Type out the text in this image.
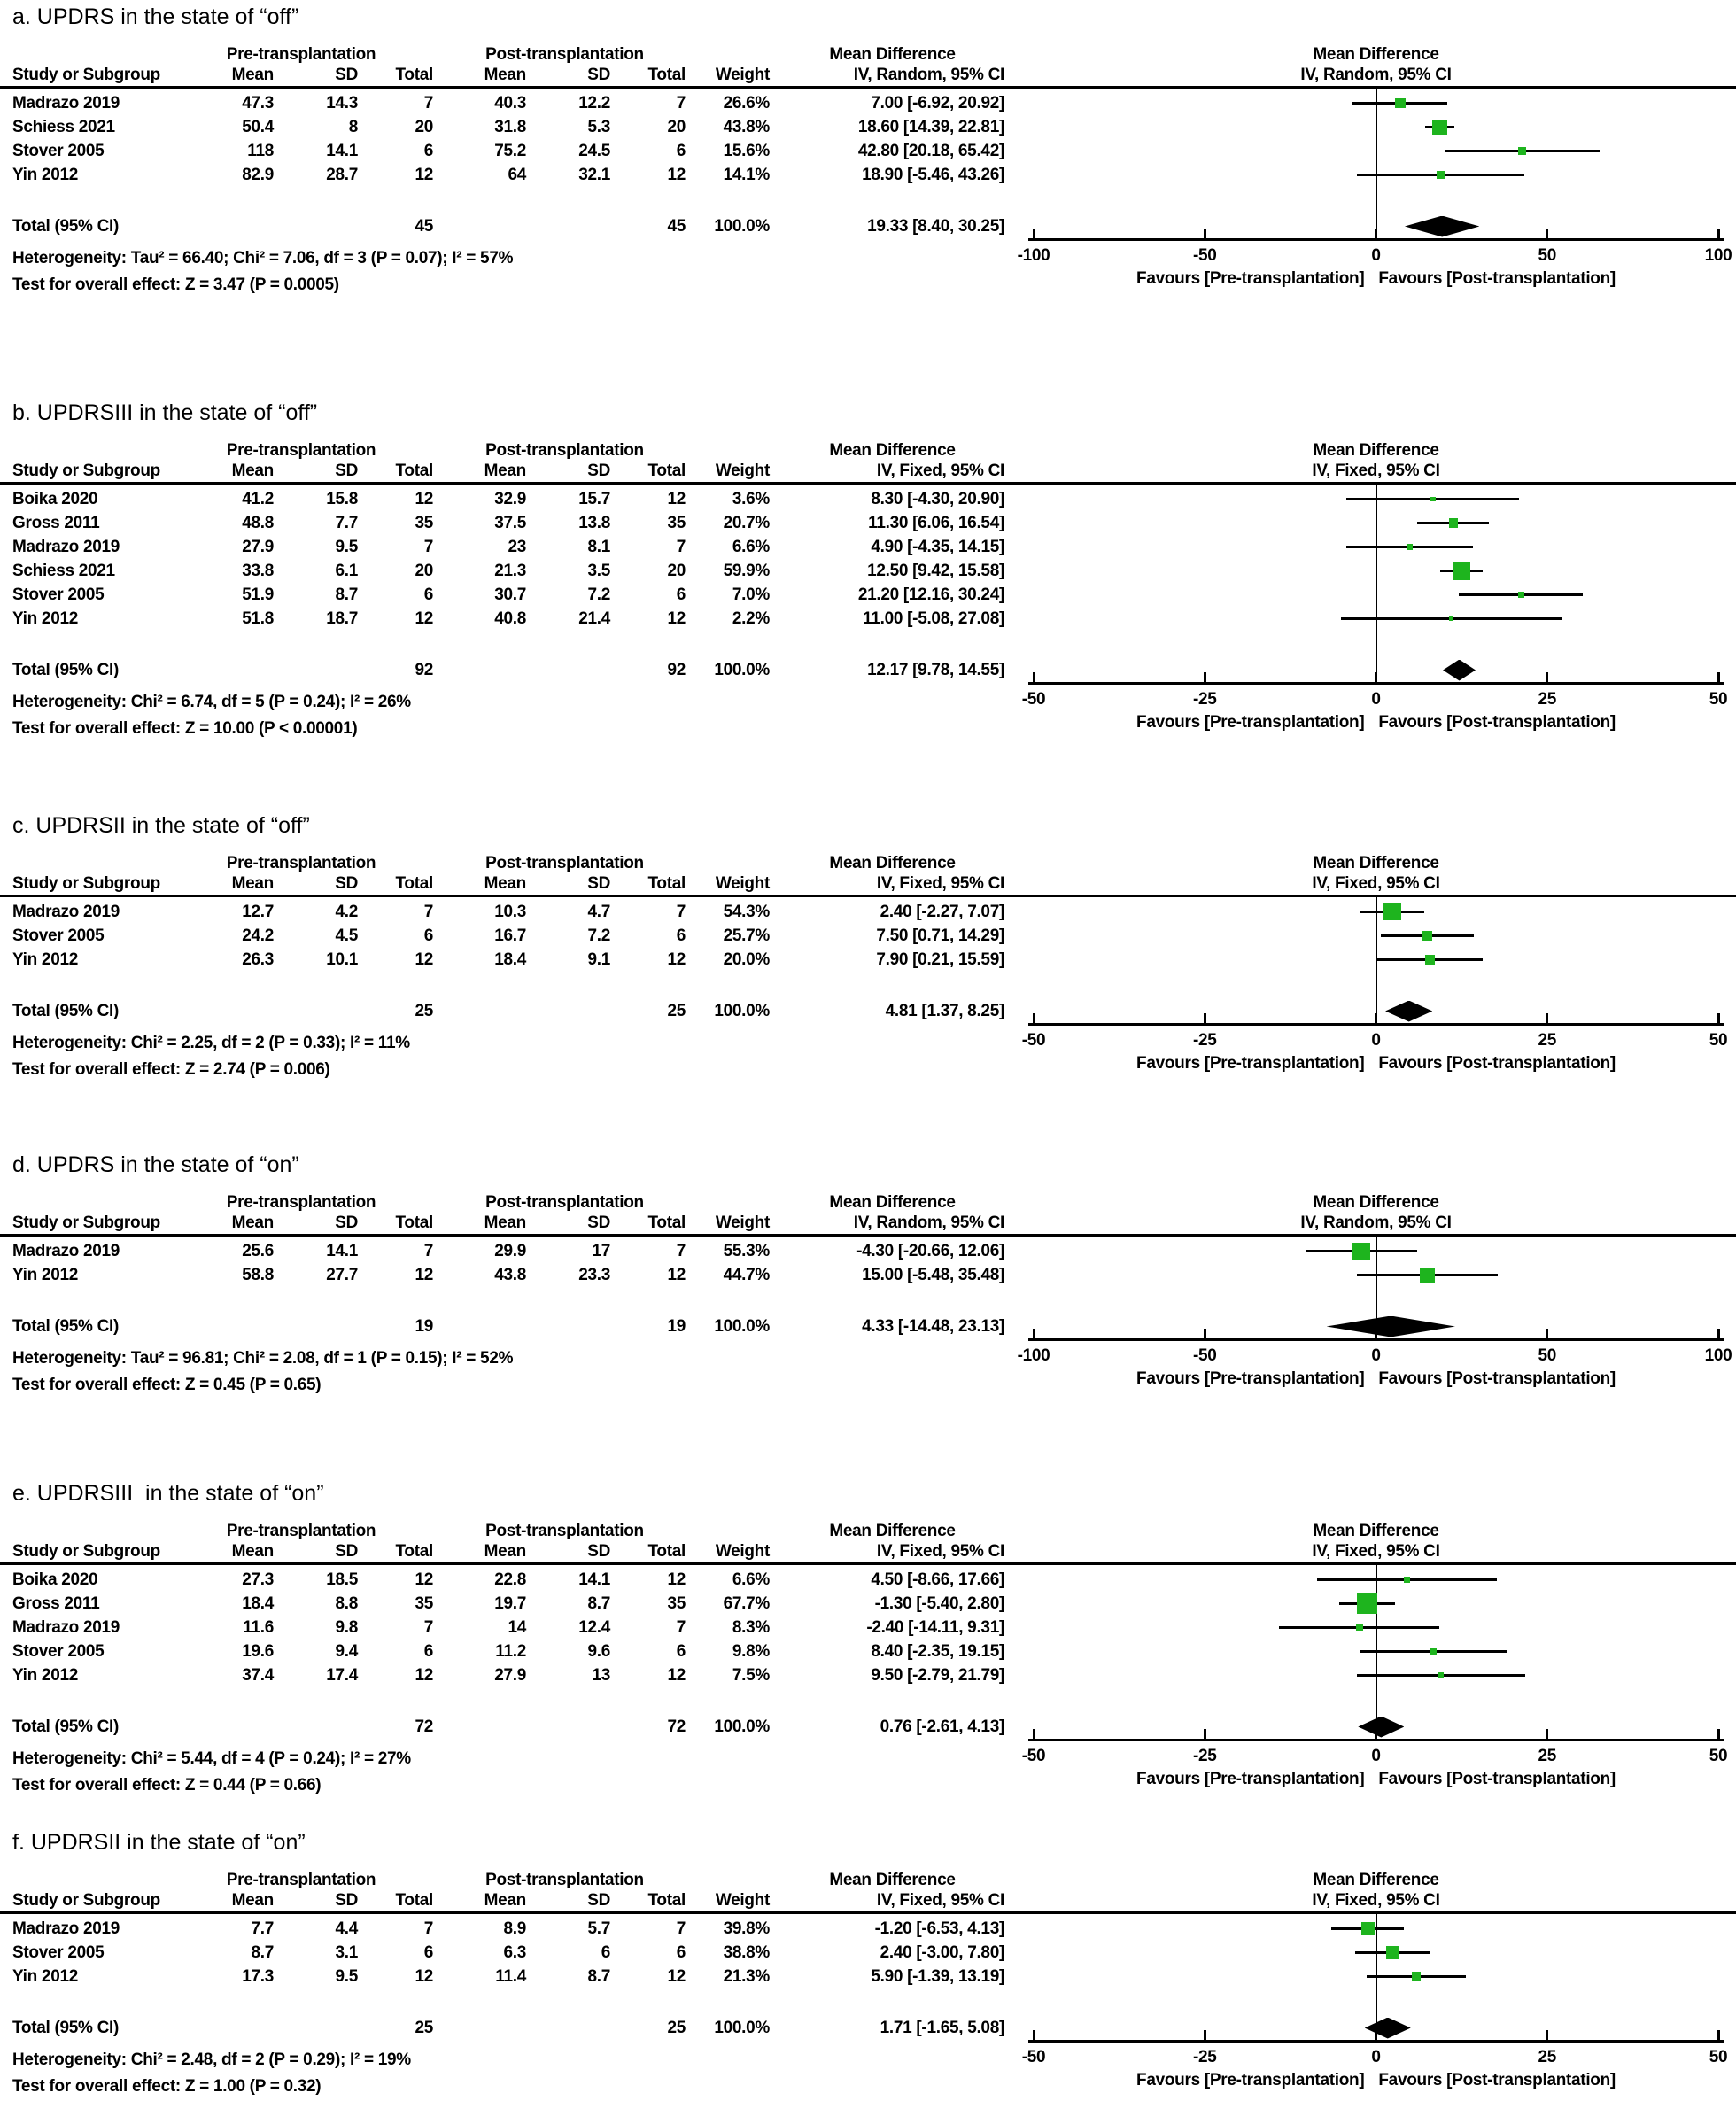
a. UPDRS in the state of “off”
Pre-transplantation	Post-transplantation	Mean Difference	Mean Difference
Study or Subgroup	Mean	SD	Total	Mean	SD	Total	Weight	IV, Random, 95% CI	IV, Random, 95% CI
Madrazo 2019	47.3	14.3	7	40.3	12.2	7	26.6%	7.00 [-6.92, 20.92]
Schiess 2021	50.4	8	20	31.8	5.3	20	43.8%	18.60 [14.39, 22.81]
Stover 2005	118	14.1	6	75.2	24.5	6	15.6%	42.80 [20.18, 65.42]
Yin 2012	82.9	28.7	12	64	32.1	12	14.1%	18.90 [-5.46, 43.26]
Total (95% CI)	45	45	100.0%	19.33 [8.40, 30.25]
Heterogeneity: Tau² = 66.40; Chi² = 7.06, df = 3 (P = 0.07); I² = 57%
Test for overall effect: Z = 3.47 (P = 0.0005)
-100	-50	0	50	100
Favours [Pre-transplantation] Favours [Post-transplantation]
b. UPDRSIII in the state of “off”
Pre-transplantation	Post-transplantation	Mean Difference	Mean Difference
Study or Subgroup	Mean	SD	Total	Mean	SD	Total	Weight	IV, Fixed, 95% CI	IV, Fixed, 95% CI
Boika 2020	41.2	15.8	12	32.9	15.7	12	3.6%	8.30 [-4.30, 20.90]
Gross 2011	48.8	7.7	35	37.5	13.8	35	20.7%	11.30 [6.06, 16.54]
Madrazo 2019	27.9	9.5	7	23	8.1	7	6.6%	4.90 [-4.35, 14.15]
Schiess 2021	33.8	6.1	20	21.3	3.5	20	59.9%	12.50 [9.42, 15.58]
Stover 2005	51.9	8.7	6	30.7	7.2	6	7.0%	21.20 [12.16, 30.24]
Yin 2012	51.8	18.7	12	40.8	21.4	12	2.2%	11.00 [-5.08, 27.08]
Total (95% CI)	92	92	100.0%	12.17 [9.78, 14.55]
Heterogeneity: Chi² = 6.74, df = 5 (P = 0.24); I² = 26%
Test for overall effect: Z = 10.00 (P < 0.00001)
-50	-25	0	25	50
Favours [Pre-transplantation] Favours [Post-transplantation]
c. UPDRSII in the state of “off”
Pre-transplantation	Post-transplantation	Mean Difference	Mean Difference
Study or Subgroup	Mean	SD	Total	Mean	SD	Total	Weight	IV, Fixed, 95% CI	IV, Fixed, 95% CI
Madrazo 2019	12.7	4.2	7	10.3	4.7	7	54.3%	2.40 [-2.27, 7.07]
Stover 2005	24.2	4.5	6	16.7	7.2	6	25.7%	7.50 [0.71, 14.29]
Yin 2012	26.3	10.1	12	18.4	9.1	12	20.0%	7.90 [0.21, 15.59]
Total (95% CI)	25	25	100.0%	4.81 [1.37, 8.25]
Heterogeneity: Chi² = 2.25, df = 2 (P = 0.33); I² = 11%
Test for overall effect: Z = 2.74 (P = 0.006)
-50	-25	0	25	50
Favours [Pre-transplantation] Favours [Post-transplantation]
d. UPDRS in the state of “on”
Pre-transplantation	Post-transplantation	Mean Difference	Mean Difference
Study or Subgroup	Mean	SD	Total	Mean	SD	Total	Weight	IV, Random, 95% CI	IV, Random, 95% CI
Madrazo 2019	25.6	14.1	7	29.9	17	7	55.3%	-4.30 [-20.66, 12.06]
Yin 2012	58.8	27.7	12	43.8	23.3	12	44.7%	15.00 [-5.48, 35.48]
Total (95% CI)	19	19	100.0%	4.33 [-14.48, 23.13]
Heterogeneity: Tau² = 96.81; Chi² = 2.08, df = 1 (P = 0.15); I² = 52%
Test for overall effect: Z = 0.45 (P = 0.65)
-100	-50	0	50	100
Favours [Pre-transplantation] Favours [Post-transplantation]
e. UPDRSIII  in the state of “on”
Pre-transplantation	Post-transplantation	Mean Difference	Mean Difference
Study or Subgroup	Mean	SD	Total	Mean	SD	Total	Weight	IV, Fixed, 95% CI	IV, Fixed, 95% CI
Boika 2020	27.3	18.5	12	22.8	14.1	12	6.6%	4.50 [-8.66, 17.66]
Gross 2011	18.4	8.8	35	19.7	8.7	35	67.7%	-1.30 [-5.40, 2.80]
Madrazo 2019	11.6	9.8	7	14	12.4	7	8.3%	-2.40 [-14.11, 9.31]
Stover 2005	19.6	9.4	6	11.2	9.6	6	9.8%	8.40 [-2.35, 19.15]
Yin 2012	37.4	17.4	12	27.9	13	12	7.5%	9.50 [-2.79, 21.79]
Total (95% CI)	72	72	100.0%	0.76 [-2.61, 4.13]
Heterogeneity: Chi² = 5.44, df = 4 (P = 0.24); I² = 27%
Test for overall effect: Z = 0.44 (P = 0.66)
-50	-25	0	25	50
Favours [Pre-transplantation] Favours [Post-transplantation]
f. UPDRSII in the state of “on”
Pre-transplantation	Post-transplantation	Mean Difference	Mean Difference
Study or Subgroup	Mean	SD	Total	Mean	SD	Total	Weight	IV, Fixed, 95% CI	IV, Fixed, 95% CI
Madrazo 2019	7.7	4.4	7	8.9	5.7	7	39.8%	-1.20 [-6.53, 4.13]
Stover 2005	8.7	3.1	6	6.3	6	6	38.8%	2.40 [-3.00, 7.80]
Yin 2012	17.3	9.5	12	11.4	8.7	12	21.3%	5.90 [-1.39, 13.19]
Total (95% CI)	25	25	100.0%	1.71 [-1.65, 5.08]
Heterogeneity: Chi² = 2.48, df = 2 (P = 0.29); I² = 19%
Test for overall effect: Z = 1.00 (P = 0.32)
-50	-25	0	25	50
Favours [Pre-transplantation] Favours [Post-transplantation]
